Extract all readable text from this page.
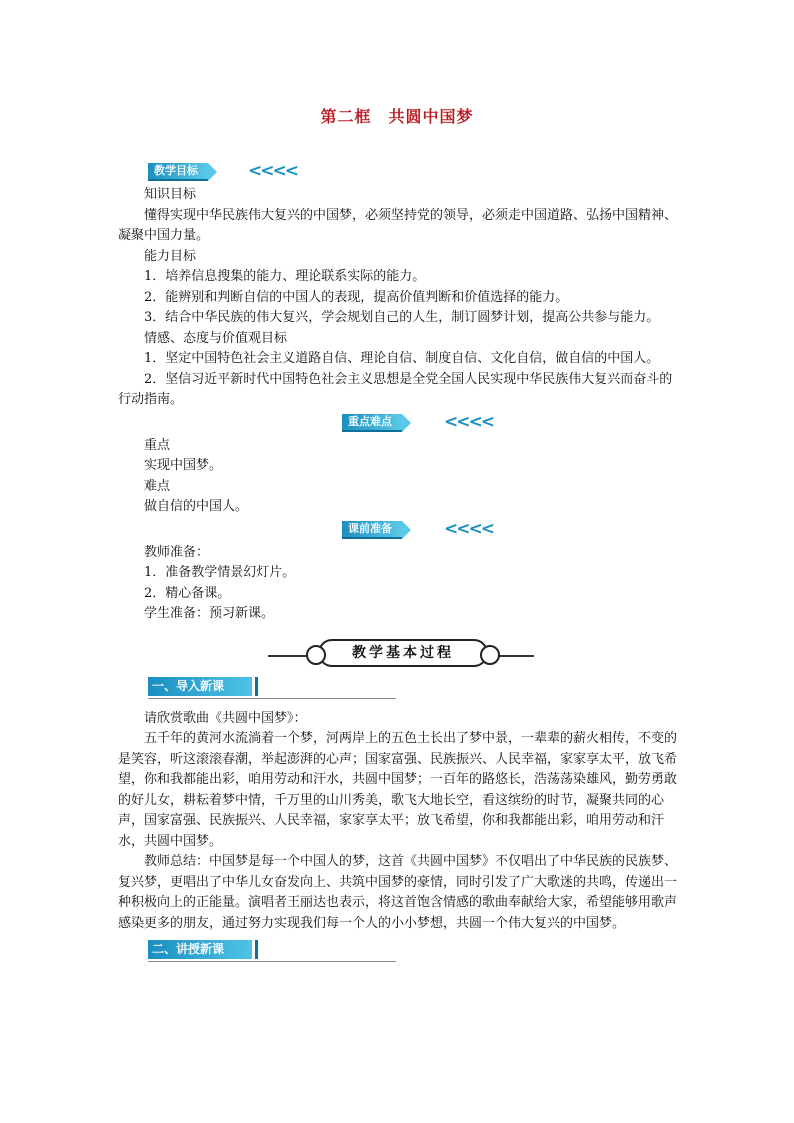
第二框　共圆中国梦
教学目标	<<<<

知识目标

懂得实现中华民族伟大复兴的中国梦，必须坚持党的领导，必须走中国道路、弘扬中国精神、凝聚中国力量。

能力目标

1．培养信息搜集的能力、理论联系实际的能力。

2．能辨别和判断自信的中国人的表现，提高价值判断和价值选择的能力。

3．结合中华民族的伟大复兴，学会规划自己的人生，制订圆梦计划，提高公共参与能力。

情感、态度与价值观目标

1．坚定中国特色社会主义道路自信、理论自信、制度自信、文化自信，做自信的中国人。

2．坚信习近平新时代中国特色社会主义思想是全党全国人民实现中华民族伟大复兴而奋斗的行动指南。

重点难点	<<<<

重点

实现中国梦。

难点

做自信的中国人。

课前准备	<<<<

教师准备：

1．准备教学情景幻灯片。

2．精心备课。

学生准备：预习新课。

教学基本过程
一、导入新课

请欣赏歌曲《共圆中国梦》：

五千年的黄河水流淌着一个梦，河两岸上的五色土长出了梦中景，一辈辈的薪火相传，不变的是笑容，听这滚滚春潮，举起澎湃的心声；国家富强、民族振兴、人民幸福，家家享太平，放飞希望，你和我都能出彩，咱用劳动和汗水，共圆中国梦；一百年的路悠长，浩荡荡染雄风，勤劳勇敢的好儿女，耕耘着梦中情，千万里的山川秀美，歌飞大地长空，看这缤纷的时节，凝聚共同的心声，国家富强、民族振兴、人民幸福，家家享太平；放飞希望，你和我都能出彩，咱用劳动和汗水，共圆中国梦。

教师总结：中国梦是每一个中国人的梦，这首《共圆中国梦》不仅唱出了中华民族的民族梦、复兴梦，更唱出了中华儿女奋发向上、共筑中国梦的豪情，同时引发了广大歌迷的共鸣，传递出一种积极向上的正能量。演唱者王丽达也表示，将这首饱含情感的歌曲奉献给大家，希望能够用歌声感染更多的朋友，通过努力实现我们每一个人的小小梦想，共圆一个伟大复兴的中国梦。

二、讲授新课
